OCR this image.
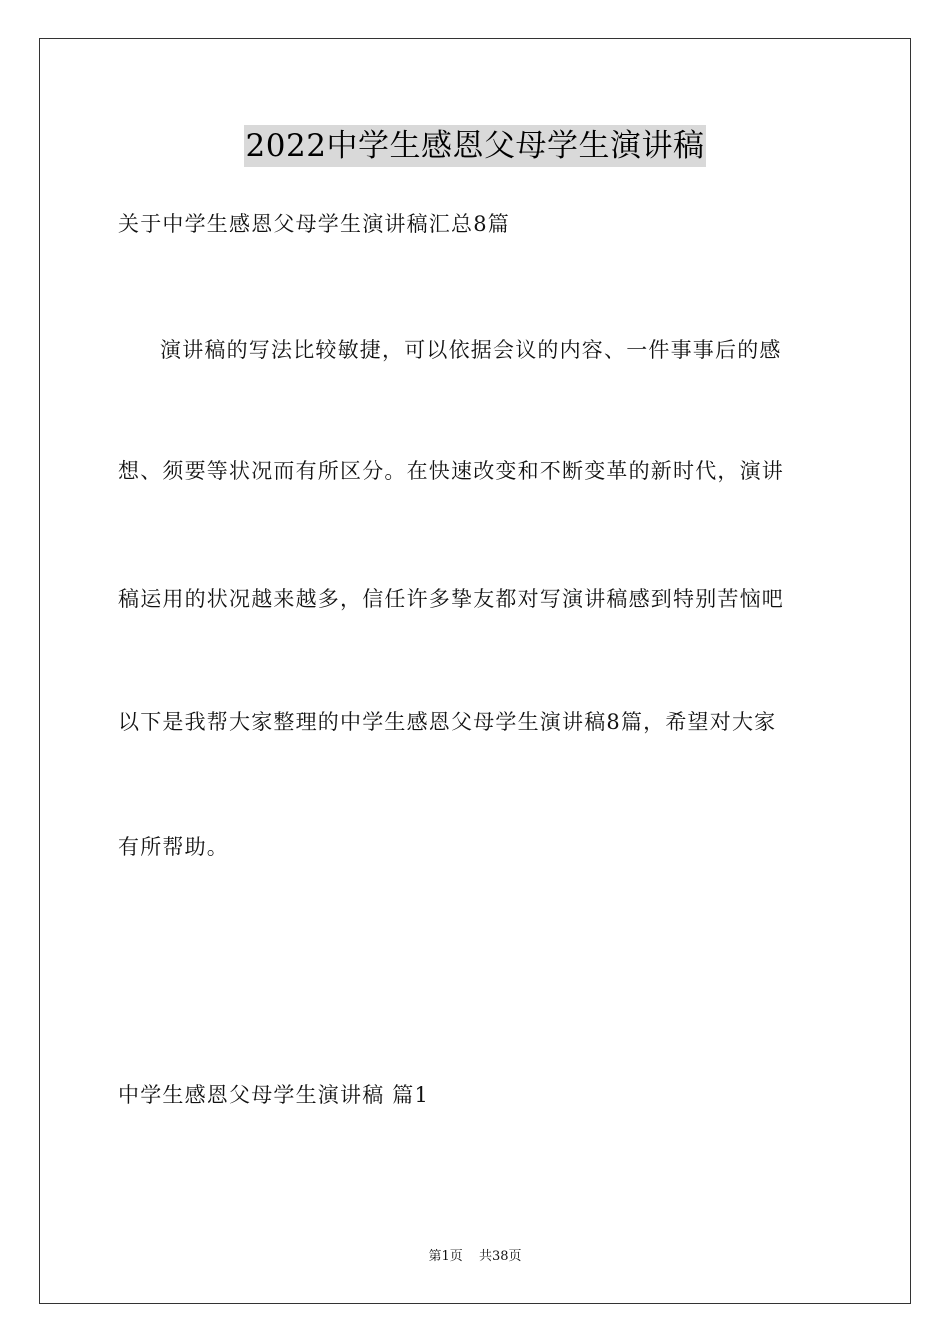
2022中学生感恩父母学生演讲稿
关于中学生感恩父母学生演讲稿汇总8篇
演讲稿的写法比较敏捷，可以依据会议的内容、一件事事后的感
想、须要等状况而有所区分。在快速改变和不断变革的新时代，演讲
稿运用的状况越来越多，信任许多挚友都对写演讲稿感到特别苦恼吧
以下是我帮大家整理的中学生感恩父母学生演讲稿8篇，希望对大家
有所帮助。
中学生感恩父母学生演讲稿 篇1
第1页 共38页
